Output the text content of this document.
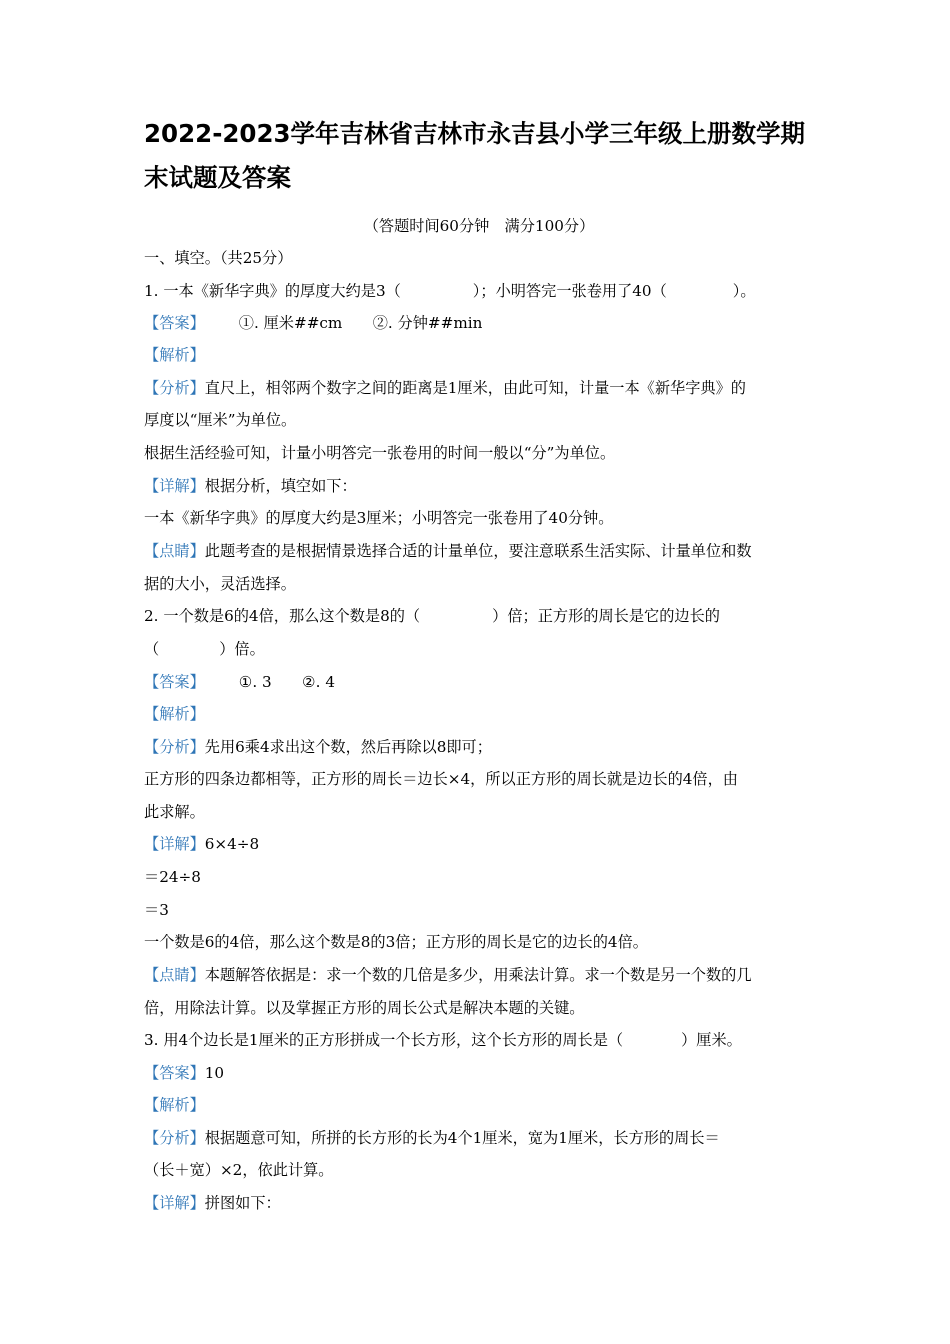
2022-2023学年吉林省吉林市永吉县小学三年级上册数学期末试题及答案
（答题时间60分钟　满分100分）
一、填空。（共25分）
1. 一本《新华字典》的厚度大约是3（	）；小明答完一张卷用了40（	）。
【答案】 ①. 厘米##cm　　②. 分钟##min
【解析】
【分析】直尺上，相邻两个数字之间的距离是1厘米，由此可知，计量一本《新华字典》的
厚度以“厘米”为单位。
根据生活经验可知，计量小明答完一张卷用的时间一般以“分”为单位。
【详解】根据分析，填空如下：
一本《新华字典》的厚度大约是3厘米；小明答完一张卷用了40分钟。
【点睛】此题考查的是根据情景选择合适的计量单位，要注意联系生活实际、计量单位和数
据的大小，灵活选择。
2. 一个数是6的4倍，那么这个数是8的（	）倍；正方形的周长是它的边长的
（	）倍。
【答案】 ①. 3　　②. 4
【解析】
【分析】先用6乘4求出这个数，然后再除以8即可；
正方形的四条边都相等，正方形的周长＝边长×4，所以正方形的周长就是边长的4倍，由
此求解。
【详解】6×4÷8
＝24÷8
＝3
一个数是6的4倍，那么这个数是8的3倍；正方形的周长是它的边长的4倍。
【点睛】本题解答依据是：求一个数的几倍是多少，用乘法计算。求一个数是另一个数的几
倍，用除法计算。以及掌握正方形的周长公式是解决本题的关键。
3. 用4个边长是1厘米的正方形拼成一个长方形，这个长方形的周长是（	）厘米。
【答案】10
【解析】
【分析】根据题意可知，所拼的长方形的长为4个1厘米，宽为1厘米，长方形的周长＝
（长＋宽）×2，依此计算。
【详解】拼图如下：
